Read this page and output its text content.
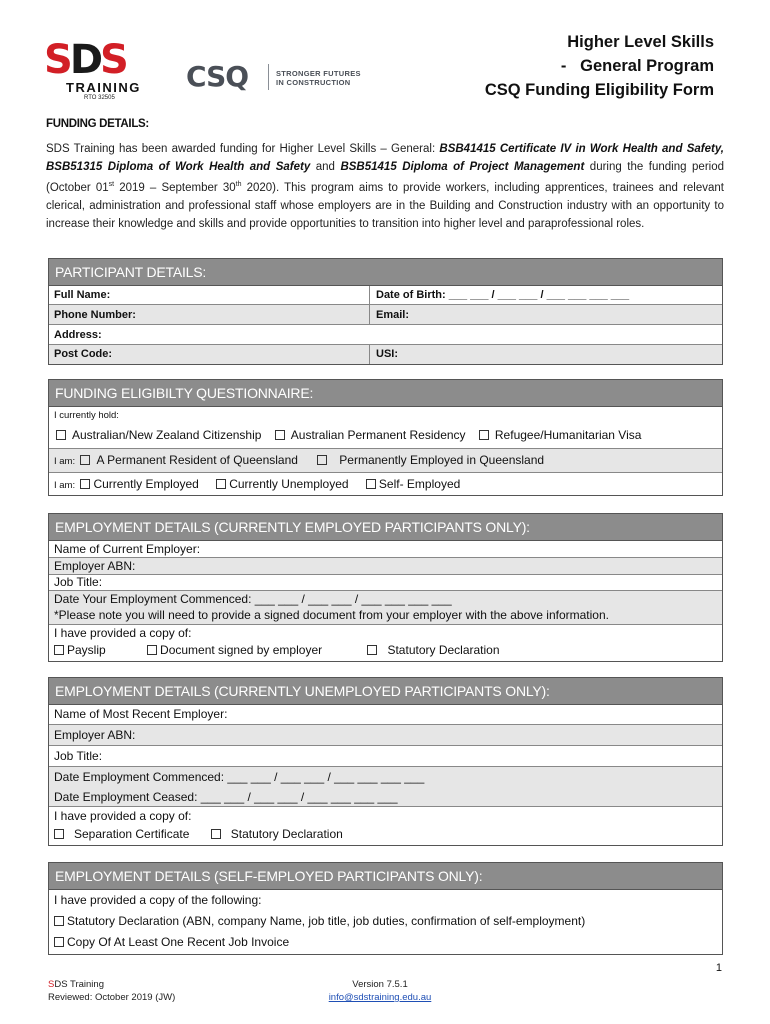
SDS
TRAINING
RTO 32505
CSQ	STRONGER FUTURES
IN CONSTRUCTION
Higher Level Skills
-   General Program
CSQ Funding Eligibility Form
FUNDING DETAILS:
SDS Training has been awarded funding for Higher Level Skills – General: BSB41415 Certificate IV in Work Health and Safety, BSB51315 Diploma of Work Health and Safety and BSB51415 Diploma of Project Management during the funding period (October 01st 2019 – September 30th 2020). This program aims to provide workers, including apprentices, trainees and relevant clerical, administration and professional staff whose employers are in the Building and Construction industry with an opportunity to increase their knowledge and skills and provide opportunities to transition into higher level and paraprofessional roles.
PARTICIPANT DETAILS:
Full Name:	Date of Birth: ___ ___ / ___ ___ / ___ ___ ___ ___
Phone Number:	Email:
Address:
Post Code:	USI:
FUNDING ELIGIBILTY QUESTIONNAIRE:
I currently hold:
Australian/New Zealand Citizenship Australian Permanent Residency Refugee/Humanitarian Visa
I am: A Permanent Resident of Queensland	Permanently Employed in Queensland
I am: Currently Employed	Currently Unemployed	Self- Employed
EMPLOYMENT DETAILS (CURRENTLY EMPLOYED PARTICIPANTS ONLY):
Name of Current Employer:
Employer ABN:
Job Title:
Date Your Employment Commenced: ___ ___ / ___ ___ / ___ ___ ___ ___
*Please note you will need to provide a signed document from your employer with the above information.
I have provided a copy of:
Payslip	Document signed by employer	Statutory Declaration
EMPLOYMENT DETAILS (CURRENTLY UNEMPLOYED PARTICIPANTS ONLY):
Name of Most Recent Employer:
Employer ABN:
Job Title:
Date Employment Commenced: ___ ___ / ___ ___ / ___ ___ ___ ___
Date Employment Ceased: ___ ___ / ___ ___ / ___ ___ ___ ___
I have provided a copy of:
Separation Certificate	Statutory Declaration
EMPLOYMENT DETAILS (SELF-EMPLOYED PARTICIPANTS ONLY):
I have provided a copy of the following:
Statutory Declaration (ABN, company Name, job title, job duties, confirmation of self-employment)
Copy Of At Least One Recent Job Invoice
1
SDS Training
Reviewed: October 2019 (JW)
Version 7.5.1
info@sdstraining.edu.au
